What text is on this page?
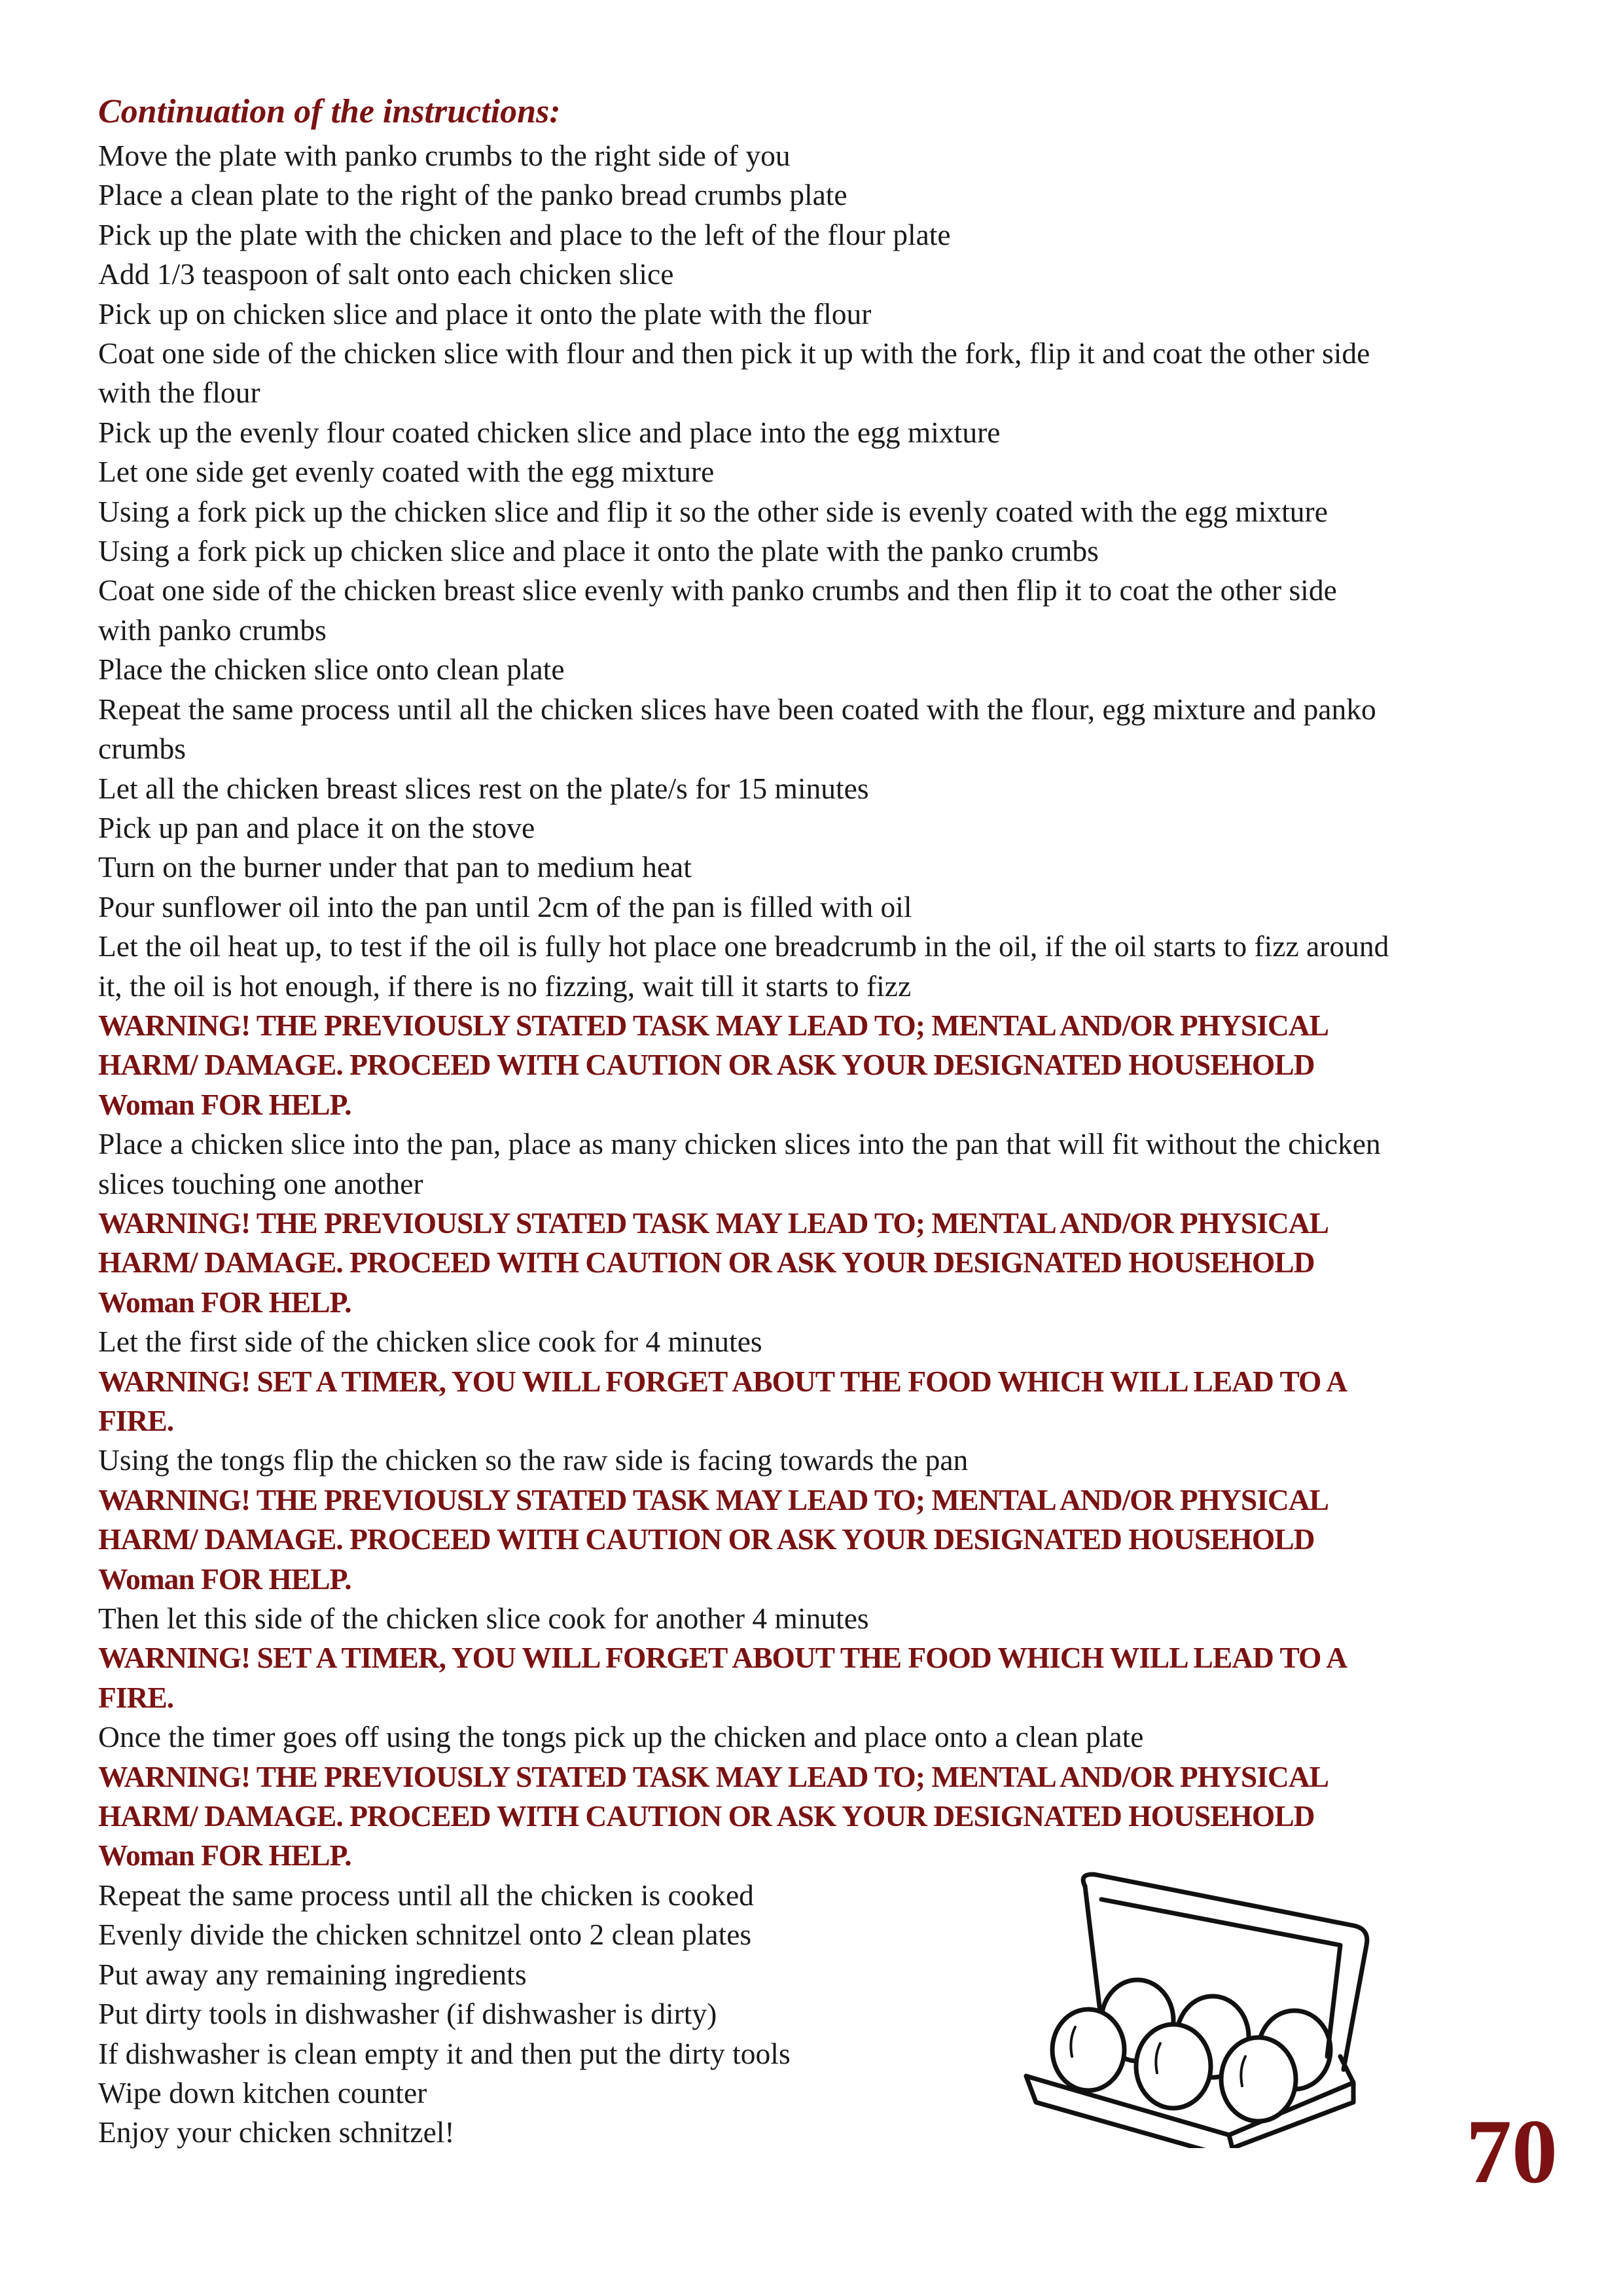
Continuation of the instructions:
Move the plate with panko crumbs to the right side of you
Place a clean plate to the right of the panko bread crumbs plate
Pick up the plate with the chicken and place to the left of the flour plate
Add 1/3 teaspoon of salt onto each chicken slice
Pick up on chicken slice and place it onto the plate with the flour
Coat one side of the chicken slice with flour and then pick it up with the fork, flip it and coat the other side
with the flour
Pick up the evenly flour coated chicken slice and place into the egg mixture
Let one side get evenly coated with the egg mixture
Using a fork pick up the chicken slice and flip it so the other side is evenly coated with the egg mixture
Using a fork pick up chicken slice and place it onto the plate with the panko crumbs
Coat one side of the chicken breast slice evenly with panko crumbs and then flip it to coat the other side
with panko crumbs
Place the chicken slice onto clean plate
Repeat the same process until all the chicken slices have been coated with the flour, egg mixture and panko
crumbs
Let all the chicken breast slices rest on the plate/s for 15 minutes
Pick up pan and place it on the stove
Turn on the burner under that pan to medium heat
Pour sunflower oil into the pan until 2cm of the pan is filled with oil
Let the oil heat up, to test if the oil is fully hot place one breadcrumb in the oil, if the oil starts to fizz around
it, the oil is hot enough, if there is no fizzing, wait till it starts to fizz
WARNING! THE PREVIOUSLY STATED TASK MAY LEAD TO; MENTAL AND/OR PHYSICAL
HARM/ DAMAGE. PROCEED WITH CAUTION OR ASK YOUR DESIGNATED HOUSEHOLD
Woman FOR HELP.
Place a chicken slice into the pan, place as many chicken slices into the pan that will fit without the chicken
slices touching one another
WARNING! THE PREVIOUSLY STATED TASK MAY LEAD TO; MENTAL AND/OR PHYSICAL
HARM/ DAMAGE. PROCEED WITH CAUTION OR ASK YOUR DESIGNATED HOUSEHOLD
Woman FOR HELP.
Let the first side of the chicken slice cook for 4 minutes
WARNING! SET A TIMER, YOU WILL FORGET ABOUT THE FOOD WHICH WILL LEAD TO A
FIRE.
Using the tongs flip the chicken so the raw side is facing towards the pan
WARNING! THE PREVIOUSLY STATED TASK MAY LEAD TO; MENTAL AND/OR PHYSICAL
HARM/ DAMAGE. PROCEED WITH CAUTION OR ASK YOUR DESIGNATED HOUSEHOLD
Woman FOR HELP.
Then let this side of the chicken slice cook for another 4 minutes
WARNING! SET A TIMER, YOU WILL FORGET ABOUT THE FOOD WHICH WILL LEAD TO A
FIRE.
Once the timer goes off using the tongs pick up the chicken and place onto a clean plate
WARNING! THE PREVIOUSLY STATED TASK MAY LEAD TO; MENTAL AND/OR PHYSICAL
HARM/ DAMAGE. PROCEED WITH CAUTION OR ASK YOUR DESIGNATED HOUSEHOLD
Woman FOR HELP.
Repeat the same process until all the chicken is cooked
Evenly divide the chicken schnitzel onto 2 clean plates
Put away any remaining ingredients
Put dirty tools in dishwasher (if dishwasher is dirty)
If dishwasher is clean empty it and then put the dirty tools
Wipe down kitchen counter
Enjoy your chicken schnitzel!	70
